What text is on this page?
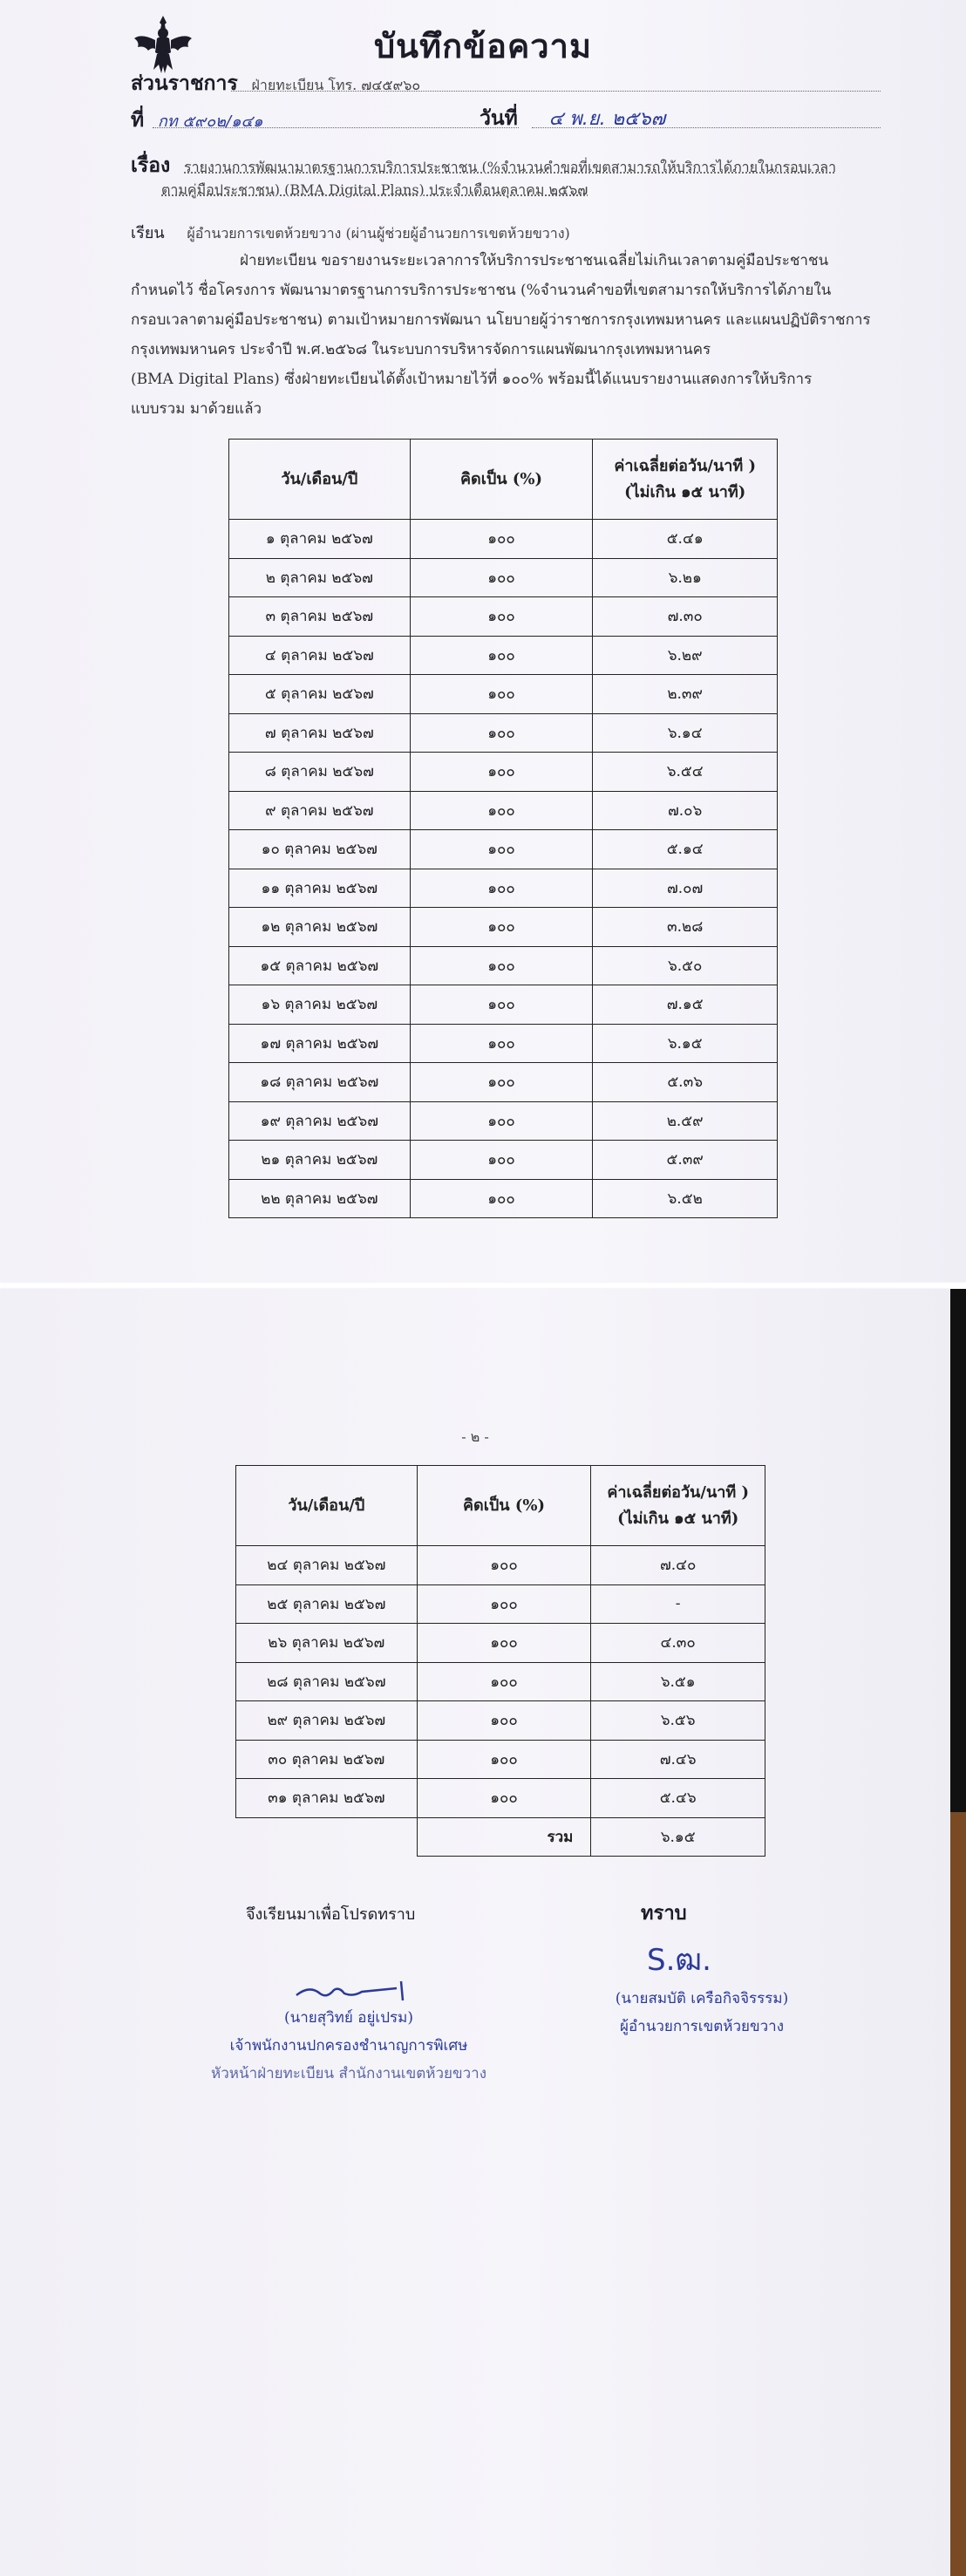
บันทึกข้อความ
ส่วนราชการ ฝ่ายทะเบียน โทร. ๗๔๕๙๖๐
ที่ กท ๕๙๐๒/๑๔๑	วันที่ ๔ พ.ย. ๒๕๖๗
เรื่อง รายงานการพัฒนามาตรฐานการบริการประชาชน (%จำนวนคำขอที่เขตสามารถให้บริการได้ภายในกรอบเวลา
ตามคู่มือประชาชน) (BMA Digital Plans) ประจำเดือนตุลาคม ๒๕๖๗
เรียน ผู้อำนวยการเขตห้วยขวาง (ผ่านผู้ช่วยผู้อำนวยการเขตห้วยขวาง)
ฝ่ายทะเบียน ขอรายงานระยะเวลาการให้บริการประชาชนเฉลี่ยไม่เกินเวลาตามคู่มือประชาชน
กำหนดไว้ ชื่อโครงการ พัฒนามาตรฐานการบริการประชาชน (%จำนวนคำขอที่เขตสามารถให้บริการได้ภายใน
กรอบเวลาตามคู่มือประชาชน) ตามเป้าหมายการพัฒนา นโยบายผู้ว่าราชการกรุงเทพมหานคร และแผนปฏิบัติราชการ
กรุงเทพมหานคร ประจำปี พ.ศ.๒๕๖๘ ในระบบการบริหารจัดการแผนพัฒนากรุงเทพมหานคร
(BMA Digital Plans) ซึ่งฝ่ายทะเบียนได้ตั้งเป้าหมายไว้ที่ ๑๐๐% พร้อมนี้ได้แนบรายงานแสดงการให้บริการ
แบบรวม มาด้วยแล้ว
วัน/เดือน/ปี	คิดเป็น (%)	ค่าเฉลี่ยต่อวัน/นาที )
(ไม่เกิน ๑๕ นาที)

๑ ตุลาคม ๒๕๖๗	๑๐๐	๕.๔๑
๒ ตุลาคม ๒๕๖๗	๑๐๐	๖.๒๑
๓ ตุลาคม ๒๕๖๗	๑๐๐	๗.๓๐
๔ ตุลาคม ๒๕๖๗	๑๐๐	๖.๒๙
๕ ตุลาคม ๒๕๖๗	๑๐๐	๒.๓๙
๗ ตุลาคม ๒๕๖๗	๑๐๐	๖.๑๔
๘ ตุลาคม ๒๕๖๗	๑๐๐	๖.๕๔
๙ ตุลาคม ๒๕๖๗	๑๐๐	๗.๐๖
๑๐ ตุลาคม ๒๕๖๗	๑๐๐	๕.๑๔
๑๑ ตุลาคม ๒๕๖๗	๑๐๐	๗.๐๗
๑๒ ตุลาคม ๒๕๖๗	๑๐๐	๓.๒๘
๑๕ ตุลาคม ๒๕๖๗	๑๐๐	๖.๕๐
๑๖ ตุลาคม ๒๕๖๗	๑๐๐	๗.๑๕
๑๗ ตุลาคม ๒๕๖๗	๑๐๐	๖.๑๕
๑๘ ตุลาคม ๒๕๖๗	๑๐๐	๕.๓๖
๑๙ ตุลาคม ๒๕๖๗	๑๐๐	๒.๕๙
๒๑ ตุลาคม ๒๕๖๗	๑๐๐	๕.๓๙
๒๒ ตุลาคม ๒๕๖๗	๑๐๐	๖.๕๒
- ๒ -
วัน/เดือน/ปี	คิดเป็น (%)	ค่าเฉลี่ยต่อวัน/นาที )
(ไม่เกิน ๑๕ นาที)

๒๔ ตุลาคม ๒๕๖๗	๑๐๐	๗.๔๐
๒๕ ตุลาคม ๒๕๖๗	๑๐๐	-
๒๖ ตุลาคม ๒๕๖๗	๑๐๐	๔.๓๐
๒๘ ตุลาคม ๒๕๖๗	๑๐๐	๖.๕๑
๒๙ ตุลาคม ๒๕๖๗	๑๐๐	๖.๕๖
๓๐ ตุลาคม ๒๕๖๗	๑๐๐	๗.๔๖
๓๑ ตุลาคม ๒๕๖๗	๑๐๐	๕.๔๖
	รวม	๖.๑๕
จึงเรียนมาเพื่อโปรดทราบ	ทราบ
(นายสุวิทย์ อยู่เปรม)
เจ้าพนักงานปกครองชำนาญการพิเศษ
หัวหน้าฝ่ายทะเบียน สำนักงานเขตห้วยขวาง
S.ฒ.
(นายสมบัติ เครือกิจจิรรรม)
ผู้อำนวยการเขตห้วยขวาง
